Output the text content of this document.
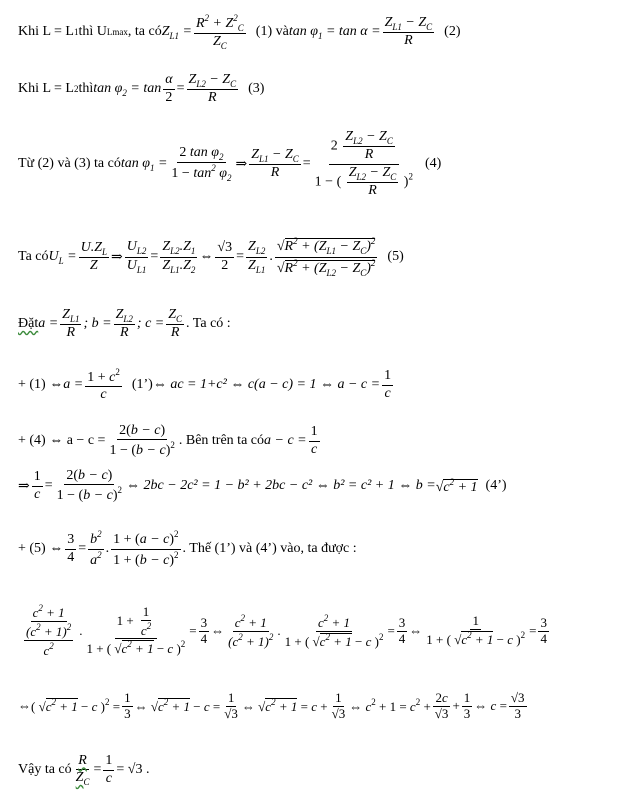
Khi L = L 1 thì U Lmax , ta có $Z_{L1} = \frac{R^2 + Z^2_C}{Z_C} (1)$ và $\tan \varphi_1 = \tan \alpha = \frac{Z_{L1} - Z_C}{R} (2)$
Khi L = L 2 thì $\tan \varphi_2 = \tan \frac{\alpha}{2} = \frac{Z_{L2} - Z_C}{R} (3)$
Từ (2) và (3) ta có $\tan \varphi_1 = \frac{2 \tan \varphi_2}{1 - \tan^2 \varphi_2}$ ⇒ $\frac{Z_{L1} - Z_C}{R} = \frac{2 \frac{Z_{L2} - Z_C}{R}}{1 - ( \frac{Z_{L2} - Z_C}{R} )^2} (4)$
Ta có $U_L = \frac{U.Z_L}{Z}$ ⇒ $\frac{U_{L2}}{U_{L1}} = \frac{Z_{L2}.Z_1}{Z_{L1}.Z_2}$ ⇔ $\frac{√3}{2} = \frac{Z_{L2}}{Z_{L1}}$ . $\frac{√R^2 + (Z_{L1} - Z_C)^2}{√R^2 + (Z_{L2} - Z_C)^2} (5)$
Đặt $a = \frac{Z_{L1}}{R}$ ; $b = \frac{Z_{L2}}{R}$ ; $c = \frac{Z_C}{R}$ . Ta có :
+ (1) ⇔ $a = \frac{1 + c^2}{c}$ (1’) ⇔ ac = 1+c² ⇔ c(a − c) = 1 ⇔ $a - c = \frac{1}{c}$
+ (4) ⇔ $a - c = \frac{2(b - c)}{1 - (b - c)^2}$ . Bên trên ta có $a - c = \frac{1}{c}$
⇒ $\frac{1}{c} = \frac{2(b - c)}{1 - (b - c)^2}$ ⇔ 2bc − 2c² = 1 − b² + 2bc − c² ⇔ b² = c² + 1 ⇔ $b = √c^2 + 1$ (4’)
+ (5) ⇔ $\frac{3}{4} = \frac{b^2}{a^2}$ . $\frac{1 + (a - c)^2}{1 + (b - c)^2}$ . Thế (1’) và (4’) vào, ta được :
$\frac{c^2 + 1}{\frac{(c^2 + 1)^2}{c^2}}$ . $\frac{1 + \frac{1}{c^2}}{1 + ( √c^2 + 1 - c )^2} = \frac{3}{4}$ ⇔ $\frac{c^2 + 1}{(c^2 + 1)^2}$ . $\frac{c^2 + 1}{1 + ( √c^2 + 1 - c )^2} = \frac{3}{4}$ ⇔ $\frac{1}{1 + ( √c^2 + 1 - c )^2} = \frac{3}{4}$
⇔ ( $√c^2 + 1 - c$ )$^2 = \frac{1}{3}$ ⇔ $√c^2 + 1 - c = \frac{1}{√3}$ ⇔ $√c^2 + 1 = c + \frac{1}{√3}$ ⇔ $c^2 + 1 = c^2 + \frac{2c}{√3} + \frac{1}{3}$ ⇔ $c = \frac{√3}{3}$
Vậy ta có $\frac{R}{Z_C} = \frac{1}{c} = √3$ .
